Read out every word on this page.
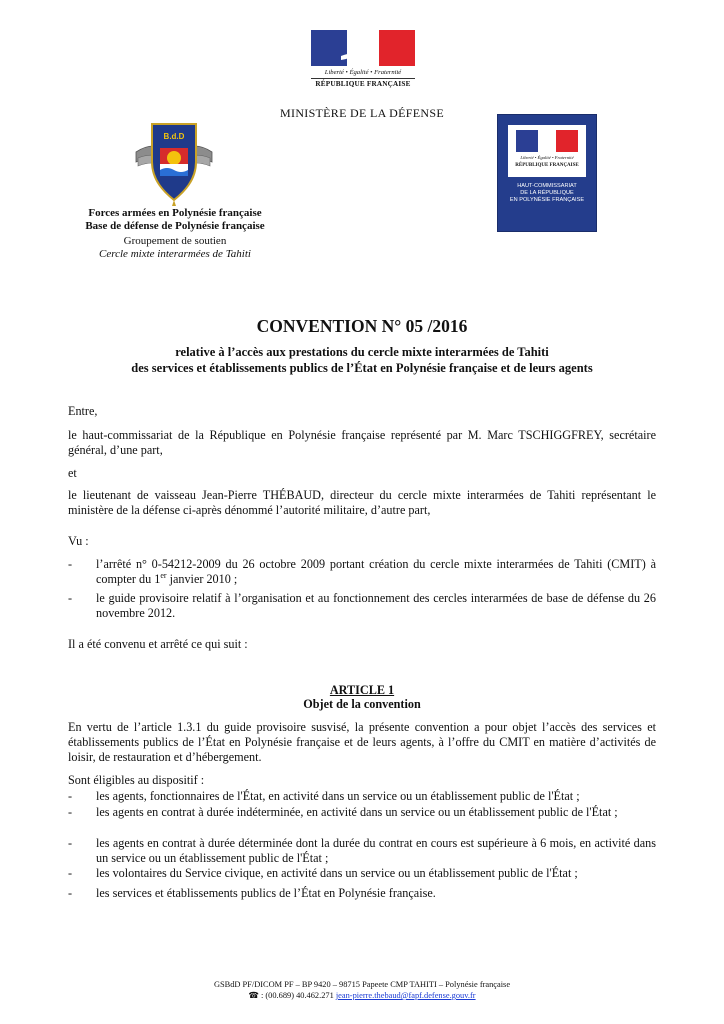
Liberté • Égalité • Fraternité
RÉPUBLIQUE FRANÇAISE
MINISTÈRE DE LA DÉFENSE
B.d.D
Liberté • Égalité • Fraternité
RÉPUBLIQUE FRANÇAISE
HAUT-COMMISSARIAT
DE LA RÉPUBLIQUE
EN POLYNÉSIE FRANÇAISE
Forces armées en Polynésie française
Base de défense de Polynésie française
Groupement de soutien
Cercle mixte interarmées de Tahiti
CONVENTION N° 05 /2016
relative à l’accès aux prestations du cercle mixte interarmées de Tahiti
des services et établissements publics de l’État en Polynésie française et de leurs agents
Entre,
le haut-commissariat de la République en Polynésie française représenté par M. Marc TSCHIGGFREY, secrétaire général, d’une part,
et
le lieutenant de vaisseau Jean-Pierre THÉBAUD, directeur du cercle mixte interarmées de Tahiti représentant le ministère de la défense ci-après dénommé l’autorité militaire, d’autre part,
Vu :
- l’arrêté n° 0-54212-2009 du 26 octobre 2009 portant création du cercle mixte interarmées de Tahiti (CMIT) à compter du 1er janvier 2010 ;
- le guide provisoire relatif à l’organisation et au fonctionnement des cercles interarmées de base de défense du 26 novembre 2012.
Il a été convenu et arrêté ce qui suit :
ARTICLE 1
Objet de la convention
En vertu de l’article 1.3.1 du guide provisoire susvisé, la présente convention a pour objet l’accès des services et établissements publics de l’État en Polynésie française et de leurs agents, à l’offre du CMIT en matière d’activités de loisir, de restauration et d’hébergement.
Sont éligibles au dispositif :
- les agents, fonctionnaires de l'État, en activité dans un service ou un établissement public de l'État ;
- les agents en contrat à durée indéterminée, en activité dans un service ou un établissement public de l'État ;
- les agents en contrat à durée déterminée dont la durée du contrat en cours est supérieure à 6 mois, en activité dans un service ou un établissement public de l'État ;
- les volontaires du Service civique, en activité dans un service ou un établissement public de l'État ;
- les services et établissements publics de l’État en Polynésie française.
GSBdD PF/DICOM PF – BP 9420 – 98715 Papeete CMP TAHITI – Polynésie française
☎ : (00.689) 40.462.271 jean-pierre.thebaud@fapf.defense.gouv.fr
